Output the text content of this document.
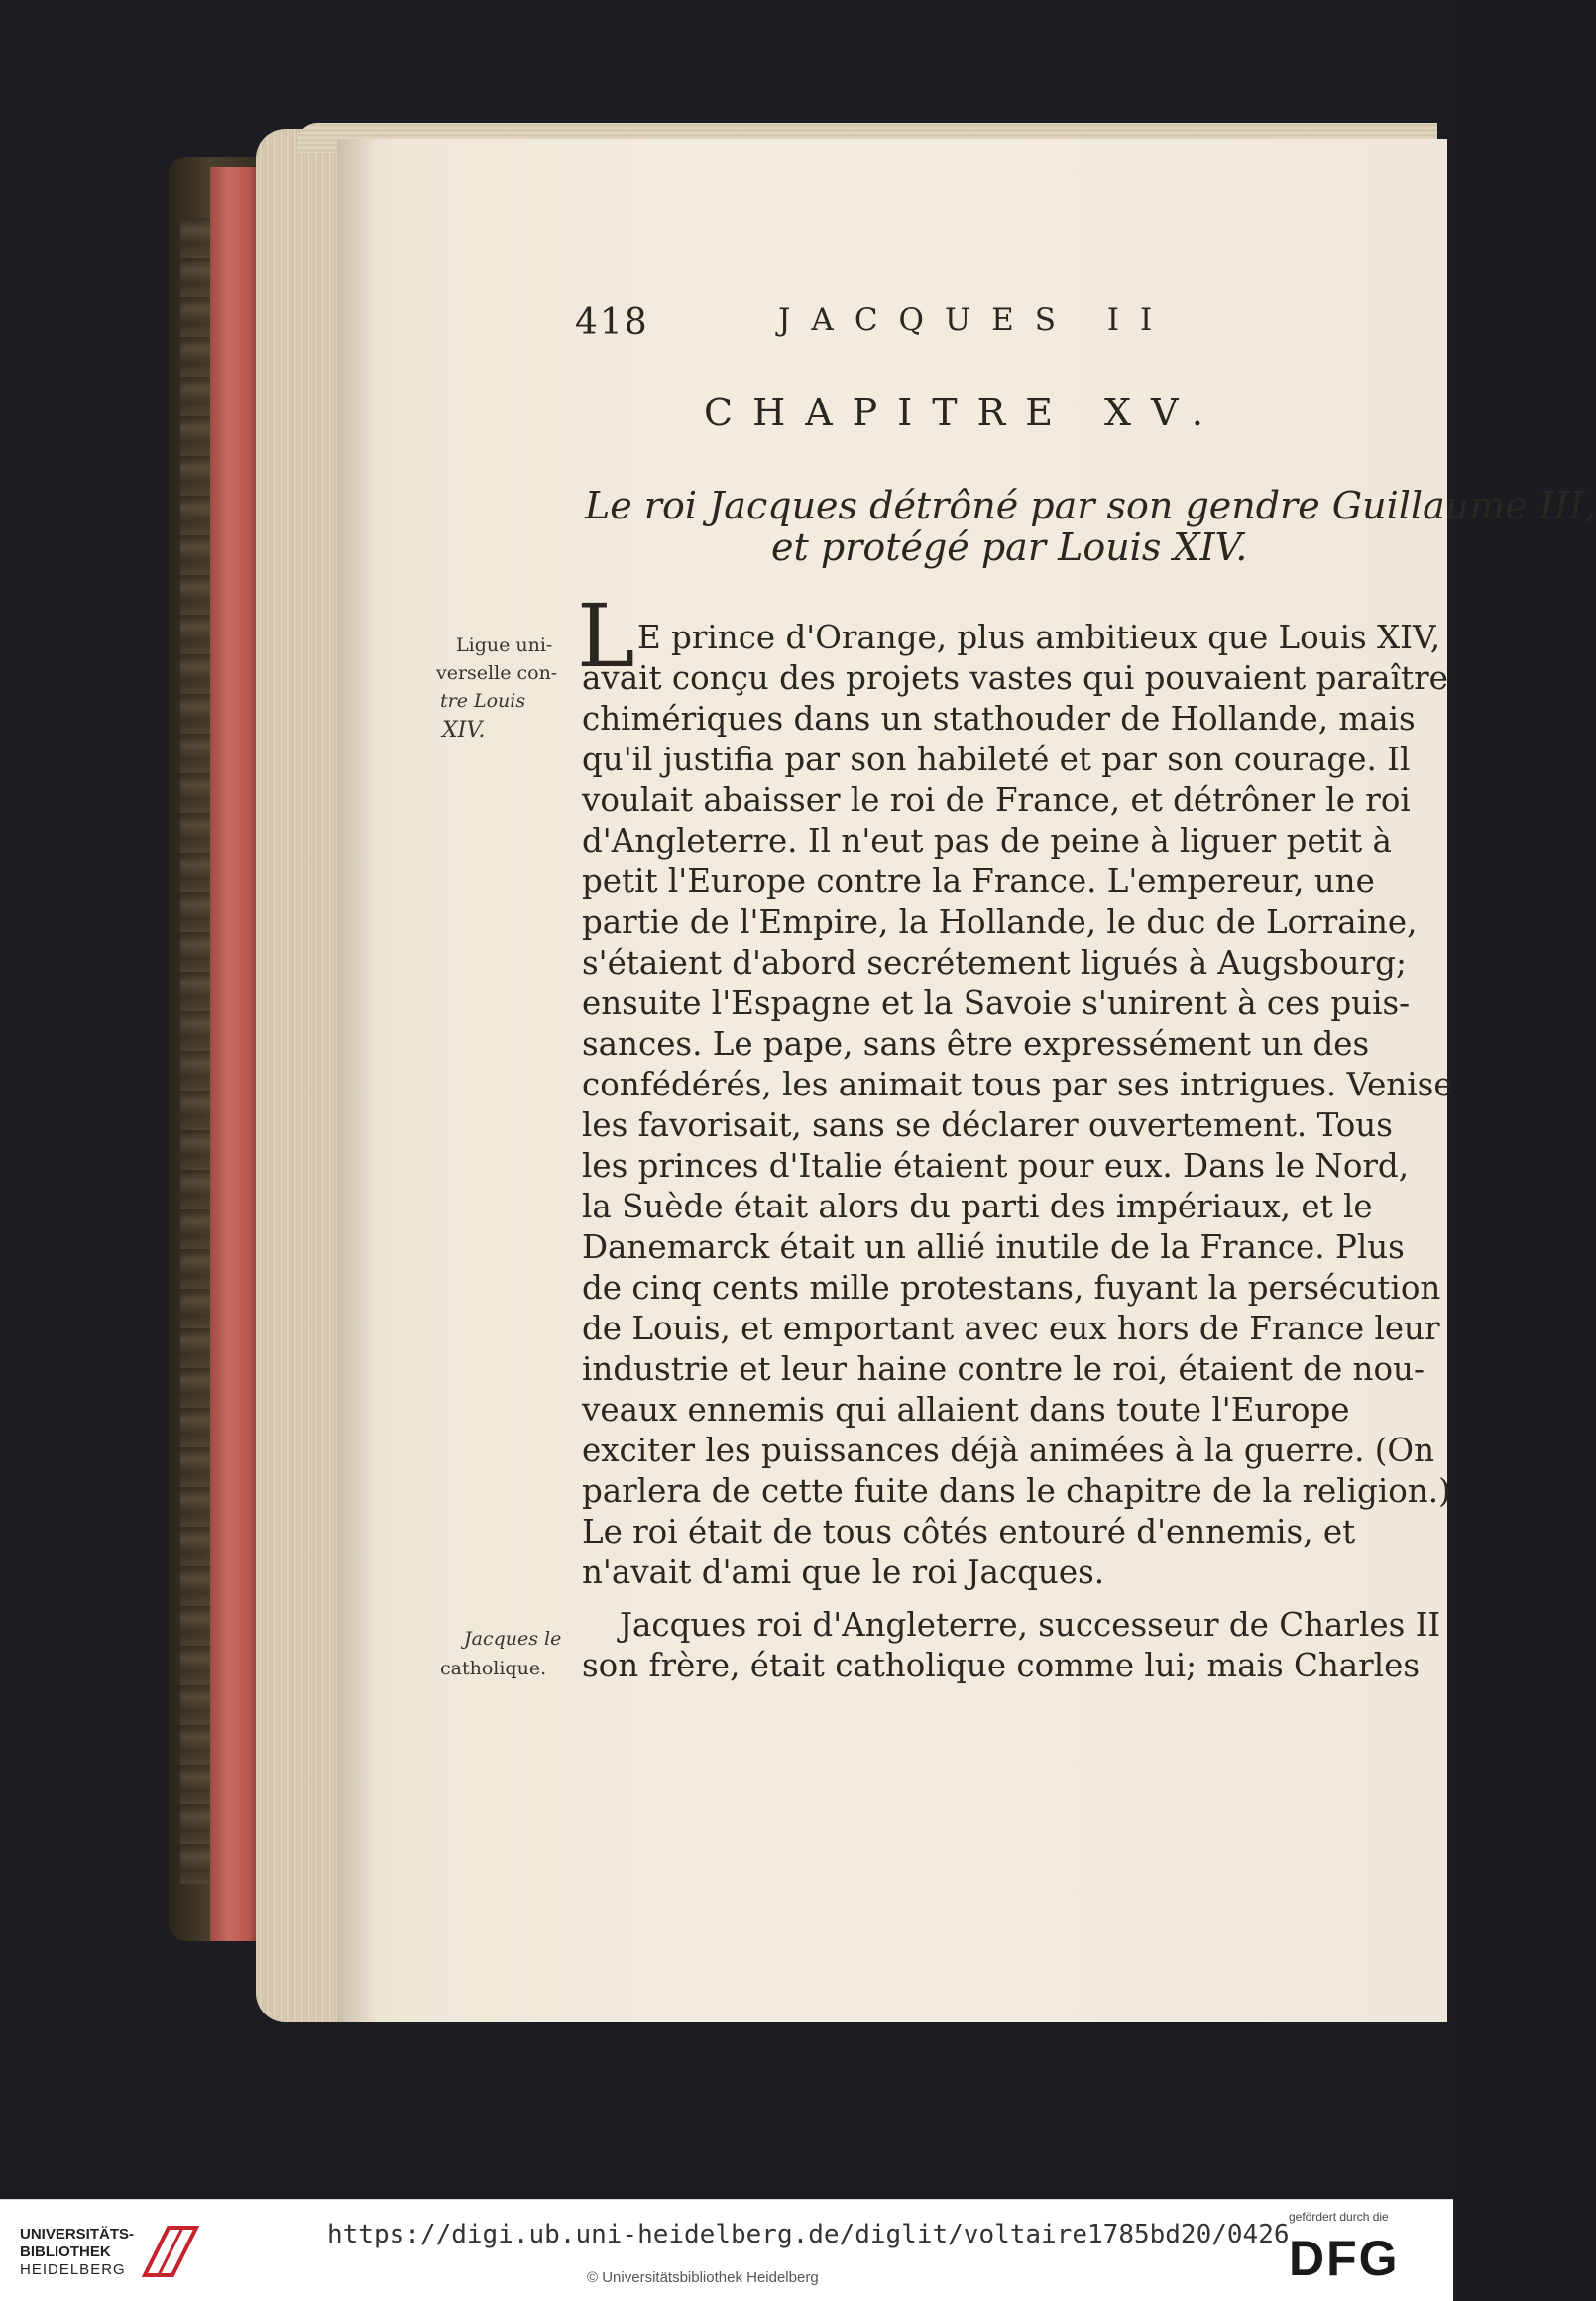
418	JACQUES II
CHAPITRE XV.
Le roi Jacques détrôné par son gendre Guillaume III,
et protégé par Louis XIV.
L E prince d'Orange, plus ambitieux que Louis XIV,
avait conçu des projets vastes qui pouvaient paraître
chimériques dans un stathouder de Hollande, mais
qu'il justifia par son habileté et par son courage. Il
voulait abaisser le roi de France, et détrôner le roi
d'Angleterre. Il n'eut pas de peine à liguer petit à
petit l'Europe contre la France. L'empereur, une
partie de l'Empire, la Hollande, le duc de Lorraine,
s'étaient d'abord secrétement ligués à Augsbourg;
ensuite l'Espagne et la Savoie s'unirent à ces puis-
sances. Le pape, sans être expressément un des
confédérés, les animait tous par ses intrigues. Venise
les favorisait, sans se déclarer ouvertement. Tous
les princes d'Italie étaient pour eux. Dans le Nord,
la Suède était alors du parti des impériaux, et le
Danemarck était un allié inutile de la France. Plus
de cinq cents mille protestans, fuyant la persécution
de Louis, et emportant avec eux hors de France leur
industrie et leur haine contre le roi, étaient de nou-
veaux ennemis qui allaient dans toute l'Europe
exciter les puissances déjà animées à la guerre. (On
parlera de cette fuite dans le chapitre de la religion.)
Le roi était de tous côtés entouré d'ennemis, et
n'avait d'ami que le roi Jacques.
Jacques roi d'Angleterre, successeur de Charles II
son frère, était catholique comme lui; mais Charles
Ligue uni-
verselle con-
tre Louis
XIV.
Jacques le
catholique.
UNIVERSITÄTS-
BIBLIOTHEK
HEIDELBERG
https://digi.ub.uni-heidelberg.de/diglit/voltaire1785bd20/0426
© Universitätsbibliothek Heidelberg
gefördert durch die
DFG
